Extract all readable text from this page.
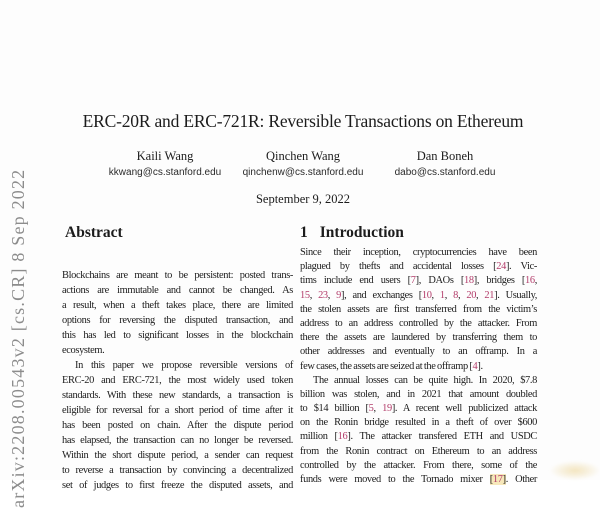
arXiv:2208.00543v2 [cs.CR] 8 Sep 2022
ERC-20R and ERC-721R: Reversible Transactions on Ethereum
Kaili Wang
kkwang@cs.stanford.edu
Qinchen Wang
qinchenw@cs.stanford.edu
Dan Boneh
dabo@cs.stanford.edu
September 9, 2022
Abstract
Blockchains are meant to be persistent: posted trans-
actions are immutable and cannot be changed. As
a result, when a theft takes place, there are limited
options for reversing the disputed transaction, and
this has led to significant losses in the blockchain
ecosystem.
In this paper we propose reversible versions of
ERC-20 and ERC-721, the most widely used token
standards. With these new standards, a transaction is
eligible for reversal for a short period of time after it
has been posted on chain. After the dispute period
has elapsed, the transaction can no longer be reversed.
Within the short dispute period, a sender can request
to reverse a transaction by convincing a decentralized
set of judges to first freeze the disputed assets, and
1 Introduction
Since their inception, cryptocurrencies have been
plagued by thefts and accidental losses [24]. Vic-
tims include end users [7], DAOs [18], bridges [16,
15, 23, 9], and exchanges [10, 1, 8, 20, 21]. Usually,
the stolen assets are first transferred from the victim’s
address to an address controlled by the attacker. From
there the assets are laundered by transferring them to
other addresses and eventually to an offramp. In a
few cases, the assets are seized at the offramp [4].
The annual losses can be quite high. In 2020, $7.8
billion was stolen, and in 2021 that amount doubled
to $14 billion [5, 19]. A recent well publicized attack
on the Ronin bridge resulted in a theft of over $600
million [16]. The attacker transfered ETH and USDC
from the Ronin contract on Ethereum to an address
controlled by the attacker. From there, some of the
funds were moved to the Tornado mixer [17]. Other
